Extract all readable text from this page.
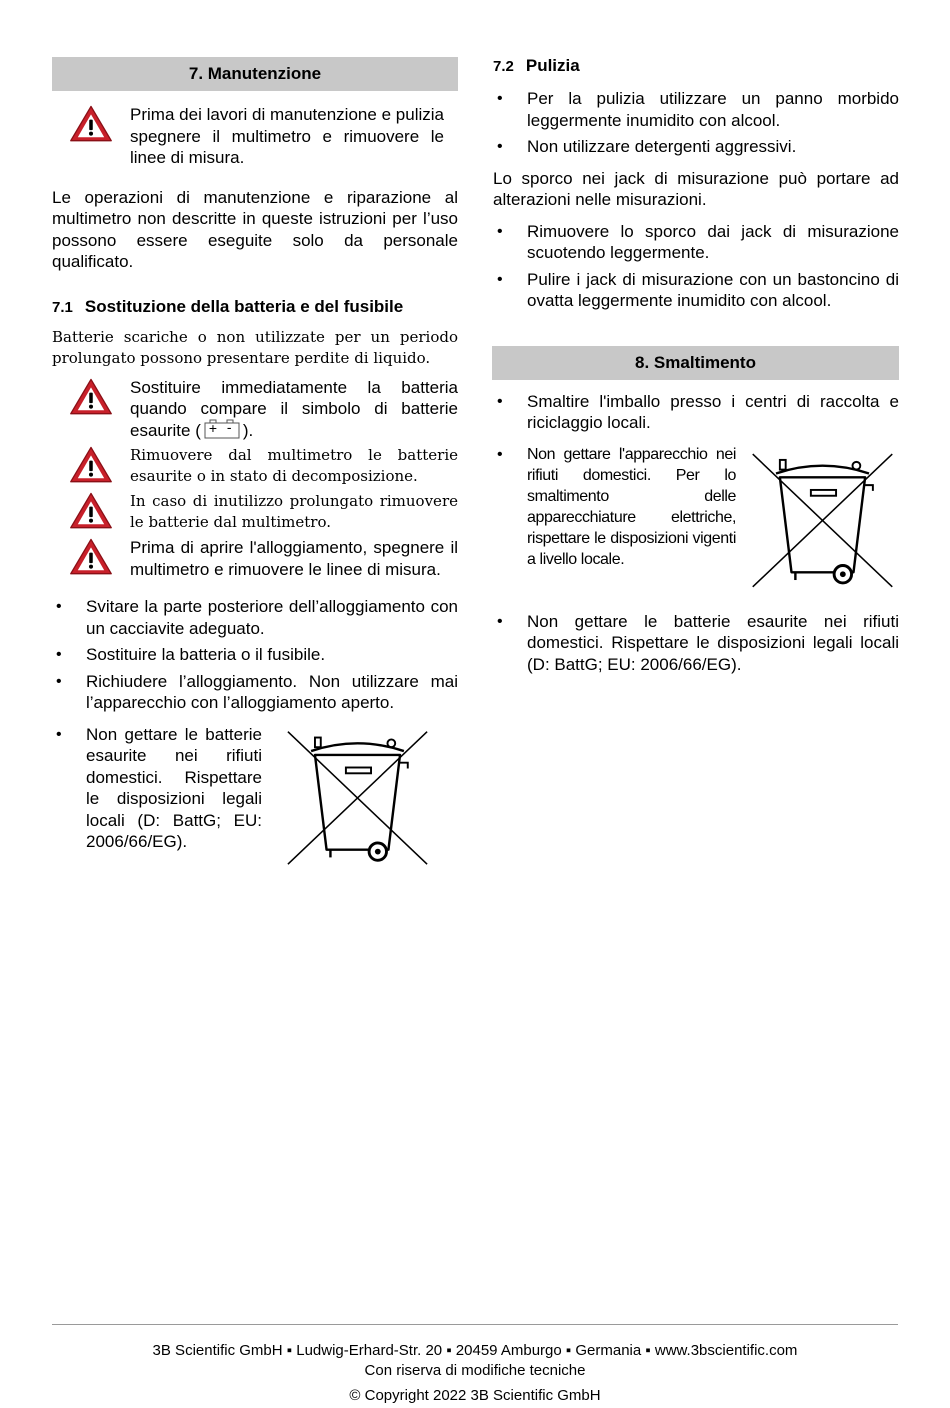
7. Manutenzione

Prima dei lavori di manutenzione e pulizia spegnere il multimetro e rimuovere le linee di misura.

Le operazioni di manutenzione e riparazione al multimetro non descritte in queste istruzioni per l’uso possono essere eseguite solo da personale qualificato.

7.1 Sostituzione della batteria e del fusibile

Batterie scariche o non utilizzate per un periodo prolungato possono presentare perdite di liquido.

Sostituire immediatamente la batteria quando compare il simbolo di batterie esaurite ( + - ).

Rimuovere dal multimetro le batterie esaurite o in stato di decomposizione.

In caso di inutilizzo prolungato rimuovere le batterie dal multimetro.

Prima di aprire l'alloggiamento, spegnere il multimetro e rimuovere le linee di misura.

• Svitare la parte posteriore dell’alloggiamento con un cacciavite adeguato.
• Sostituire la batteria o il fusibile.
• Richiudere l’alloggiamento. Non utilizzare mai l’apparecchio con l’alloggiamento aperto.
• Non gettare le batterie esaurite nei rifiuti domestici. Rispettare le disposizioni legali locali (D: BattG; EU: 2006/66/EG).
7.2 Pulizia
• Per la pulizia utilizzare un panno morbido leggermente inumidito con alcool.
• Non utilizzare detergenti aggressivi.

Lo sporco nei jack di misurazione può portare ad alterazioni nelle misurazioni.

• Rimuovere lo sporco dai jack di misurazione scuotendo leggermente.
• Pulire i jack di misurazione con un bastoncino di ovatta leggermente inumidito con alcool.
8. Smaltimento
• Smaltire l'imballo presso i centri di raccolta e riciclaggio locali.
• Non gettare l'apparecchio nei rifiuti domestici. Per lo smaltimento delle apparecchiature elettriche, rispettare le disposizioni vigenti a livello locale.
• Non gettare le batterie esaurite nei rifiuti domestici. Rispettare le disposizioni legali locali (D: BattG; EU: 2006/66/EG).
3B Scientific GmbH ▪ Ludwig-Erhard-Str. 20 ▪ 20459 Amburgo ▪ Germania ▪ www.3bscientific.com
Con riserva di modifiche tecniche
© Copyright 2022 3B Scientific GmbH
